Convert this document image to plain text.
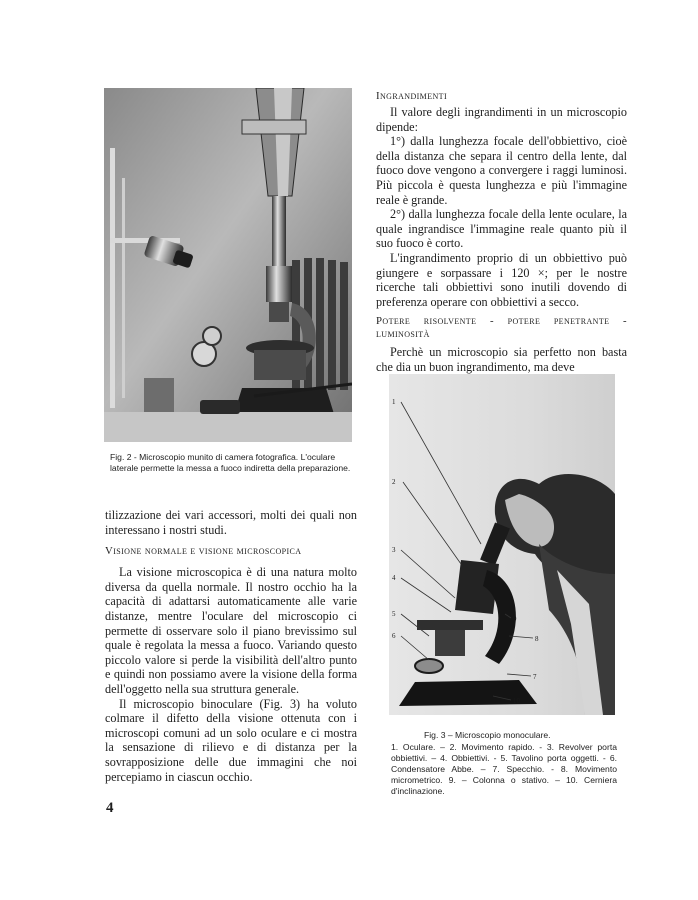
Fig. 2 - Microscopio munito di camera fotografica. L'oculare laterale permette la messa a fuoco indiretta della preparazione.

tilizzazione dei vari accessori, molti dei quali non interessano i nostri studi.

Visione normale e visione microscopica

La visione microscopica è di una natura molto diversa da quella normale. Il nostro occhio ha la capacità di adattarsi automaticamente alle varie distanze, mentre l'oculare del microscopio ci permette di osservare solo il piano brevissimo sul quale è regolata la messa a fuoco. Variando questo piccolo valore si perde la visibilità dell'altro punto e quindi non possiamo avere la visione della forma dell'oggetto nella sua struttura generale.

Il microscopio binoculare (Fig. 3) ha voluto colmare il difetto della visione ottenuta con i microscopi comuni ad un solo oculare e ci mostra la sensazione di rilievo e di distanza per la sovrapposizione delle due immagini che noi percepiamo in ciascun occhio.

4

Ingrandimenti

Il valore degli ingrandimenti in un microscopio dipende:

1°) dalla lunghezza focale dell'obbiettivo, cioè della distanza che separa il centro della lente, dal fuoco dove vengono a convergere i raggi luminosi. Più piccola è questa lunghezza e più l'immagine reale è grande.

2°) dalla lunghezza focale della lente oculare, la quale ingrandisce l'immagine reale quanto più il suo fuoco è corto.

L'ingrandimento proprio di un obbiettivo può giungere e sorpassare i 120 ×; per le nostre ricerche tali obbiettivi sono inutili dovendo di preferenza operare con obbiettivi a secco.

Potere risolvente - potere penetrante - luminosità

Perchè un microscopio sia perfetto non basta che dia un buon ingrandimento, ma deve

1
2
3
4
5
6
7
8
9
10
Fig. 3 – Microscopio monoculare.
1. Oculare. – 2. Movimento rapido. - 3. Revolver porta obbiettivi. – 4. Obbiettivi. - 5. Tavolino porta oggetti. - 6. Condensatore Abbe. – 7. Specchio. - 8. Movimento micrometrico. 9. – Colonna o stativo. – 10. Cerniera d'inclinazione.
